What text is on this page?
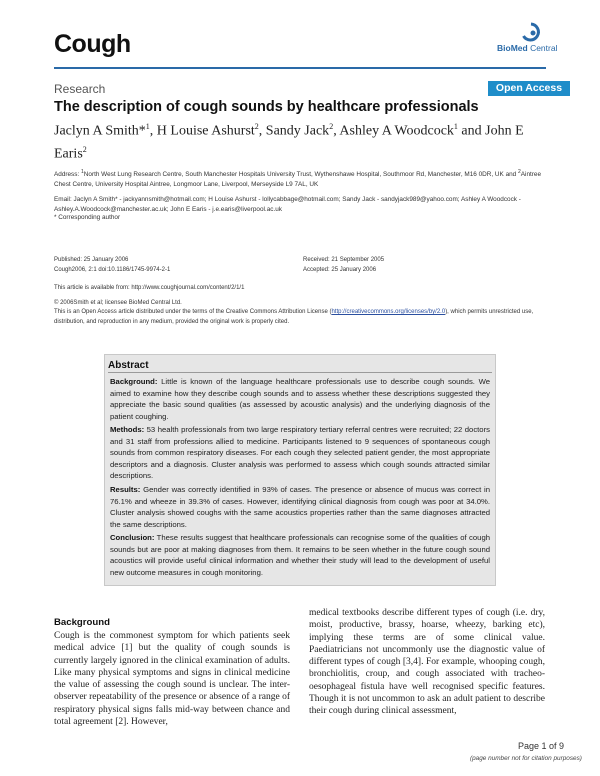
Cough	BioMed Central
Research	Open Access
The description of cough sounds by healthcare professionals
Jaclyn A Smith*$^1$, H Louise Ashurst$^2$, Sandy Jack$^2$, Ashley A Woodcock$^1$ and John E Earis$^2$
Address: $^1$North West Lung Research Centre, South Manchester Hospitals University Trust, Wythenshawe Hospital, Southmoor Rd, Manchester, M16 0DR, UK and $^2$Aintree Chest Centre, University Hospital Aintree, Longmoor Lane, Liverpool, Merseyside L9 7AL, UK
Email: Jaclyn A Smith* - jackyannsmith@hotmail.com; H Louise Ashurst - lollycabbage@hotmail.com; Sandy Jack - sandyjack989@yahoo.com; Ashley A Woodcock - Ashley.A.Woodcock@manchester.ac.uk; John E Earis - j.e.earis@liverpool.ac.uk
* Corresponding author
Published: 25 January 2006
Cough2006, 2:1 doi:10.1186/1745-9974-2-1
Received: 21 September 2005
Accepted: 25 January 2006
This article is available from: http://www.coughjournal.com/content/2/1/1
© 2006Smith et al; licensee BioMed Central Ltd.
This is an Open Access article distributed under the terms of the Creative Commons Attribution License (http://creativecommons.org/licenses/by/2.0), which permits unrestricted use, distribution, and reproduction in any medium, provided the original work is properly cited.
Abstract
Background: Little is known of the language healthcare professionals use to describe cough sounds. We aimed to examine how they describe cough sounds and to assess whether these descriptions suggested they appreciate the basic sound qualities (as assessed by acoustic analysis) and the underlying diagnosis of the patient coughing.
Methods: 53 health professionals from two large respiratory tertiary referral centres were recruited; 22 doctors and 31 staff from professions allied to medicine. Participants listened to 9 sequences of spontaneous cough sounds from common respiratory diseases. For each cough they selected patient gender, the most appropriate descriptors and a diagnosis. Cluster analysis was performed to assess which cough sounds attracted similar descriptions.
Results: Gender was correctly identified in 93% of cases. The presence or absence of mucus was correct in 76.1% and wheeze in 39.3% of cases. However, identifying clinical diagnosis from cough was poor at 34.0%. Cluster analysis showed coughs with the same acoustics properties rather than the same diagnoses attracted the same descriptions.
Conclusion: These results suggest that healthcare professionals can recognise some of the qualities of cough sounds but are poor at making diagnoses from them. It remains to be seen whether in the future cough sound acoustics will provide useful clinical information and whether their study will lead to the development of useful new outcome measures in cough monitoring.
Background
Cough is the commonest symptom for which patients seek medical advice [1] but the quality of cough sounds is currently largely ignored in the clinical examination of adults. Like many physical symptoms and signs in clinical medicine the value of assessing the cough sound is unclear. The inter-observer repeatability of the presence or absence of a range of respiratory physical signs falls mid-way between chance and total agreement [2]. However,
medical textbooks describe different types of cough (i.e. dry, moist, productive, brassy, hoarse, wheezy, barking etc), implying these terms are of some clinical value. Paediatricians not uncommonly use the diagnostic value of different types of cough [3,4]. For example, whooping cough, bronchiolitis, croup, and cough associated with tracheo-oesophageal fistula have well recognised specific features. Though it is not uncommon to ask an adult patient to describe their cough during clinical assessment,
Page 1 of 9
(page number not for citation purposes)
